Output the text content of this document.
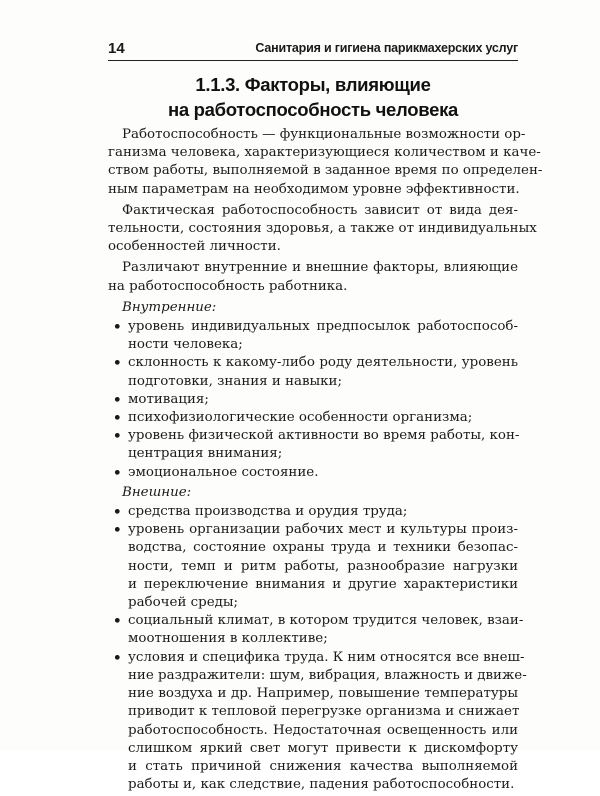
14	Санитария и гигиена парикмахерских услуг
1.1.3. Факторы, влияющие
на работоспособность человека
Работоспособность — функциональные возможности ор-
ганизма человека, характеризующиеся количеством и каче-
ством работы, выполняемой в заданное время по определен-
ным параметрам на необходимом уровне эффективности.
Фактическая работоспособность зависит от вида дея-
тельности, состояния здоровья, а также от индивидуальных
особенностей личности.
Различают внутренние и внешние факторы, влияющие
на работоспособность работника.
Внутренние:
• уровень индивидуальных предпосылок работоспособ-
ности человека;
• склонность к какому-либо роду деятельности, уровень
подготовки, знания и навыки;
• мотивация;
• психофизиологические особенности организма;
• уровень физической активности во время работы, кон-
центрация внимания;
• эмоциональное состояние.
Внешние:
• средства производства и орудия труда;
• уровень организации рабочих мест и культуры произ-
водства, состояние охраны труда и техники безопас-
ности, темп и ритм работы, разнообразие нагрузки
и переключение внимания и другие характеристики
рабочей среды;
• социальный климат, в котором трудится человек, взаи-
моотношения в коллективе;
• условия и специфика труда. К ним относятся все внеш-
ние раздражители: шум, вибрация, влажность и движе-
ние воздуха и др. Например, повышение температуры
приводит к тепловой перегрузке организма и снижает
работоспособность. Недостаточная освещенность или
слишком яркий свет могут привести к дискомфорту
и стать причиной снижения качества выполняемой
работы и, как следствие, падения работоспособности.
